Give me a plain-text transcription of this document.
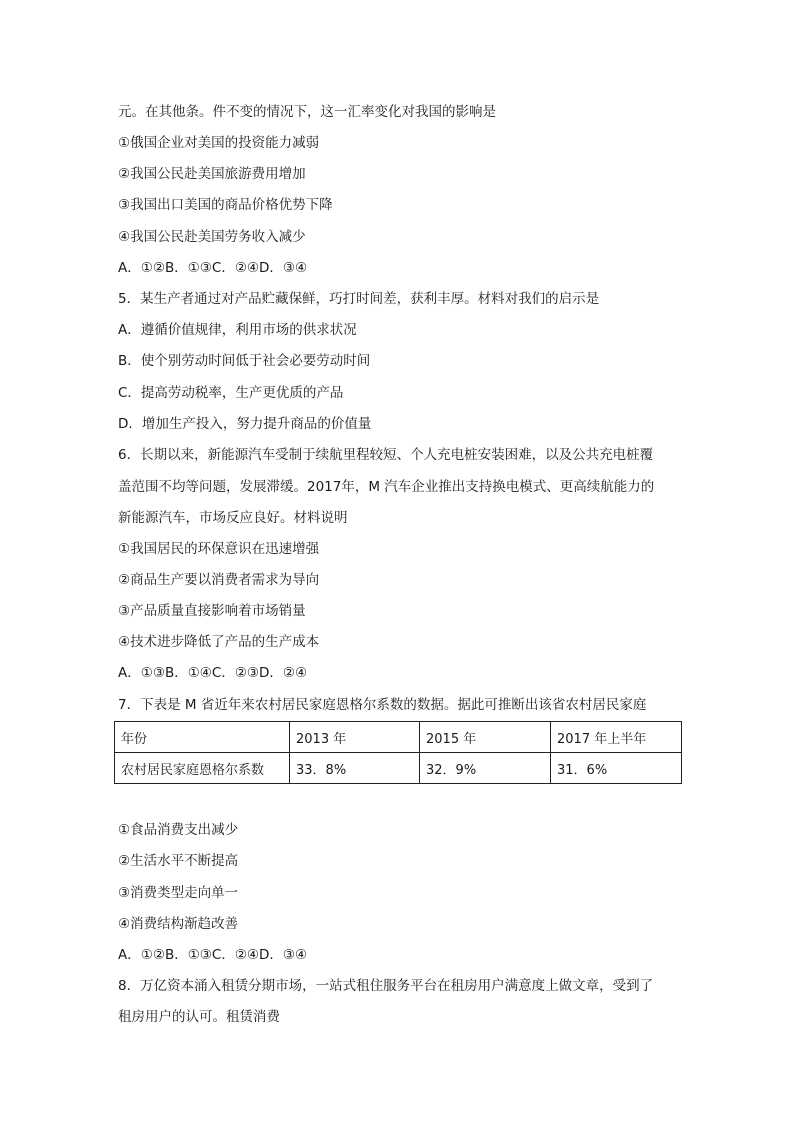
元。在其他条。件不变的情况下，这一汇率变化对我国的影响是
①俄国企业对美国的投资能力减弱
②我国公民赴美国旅游费用增加
③我国出口美国的商品价格优势下降
④我国公民赴美国劳务收入减少
A．①②B．①③C．②④D．③④
5．某生产者通过对产品贮藏保鲜，巧打时间差，获利丰厚。材料对我们的启示是
A．遵循价值规律，利用市场的供求状况
B．使个别劳动时间低于社会必要劳动时间
C．提高劳动税率，生产更优质的产品
D．增加生产投入，努力提升商品的价值量
6．长期以来，新能源汽车受制于续航里程较短、个人充电桩安装困难，以及公共充电桩覆
盖范围不均等问题，发展滞缓。2017年，M 汽车企业推出支持换电模式、更高续航能力的
新能源汽车，市场反应良好。材料说明
①我国居民的环保意识在迅速增强
②商品生产要以消费者需求为导向
③产品质量直接影响着市场销量
④技术进步降低了产品的生产成本
A．①③B．①④C．②③D．②④
7．下表是 M 省近年来农村居民家庭恩格尔系数的数据。据此可推断出该省农村居民家庭
年份	2013 年	2015 年	2017 年上半年
农村居民家庭恩格尔系数	33．8%	32．9%	31．6%
①食品消费支出减少
②生活水平不断提高
③消费类型走向单一
④消费结构渐趋改善
A．①②B．①③C．②④D．③④
8．万亿资本涌入租赁分期市场，一站式租住服务平台在租房用户满意度上做文章，受到了
租房用户的认可。租赁消费
